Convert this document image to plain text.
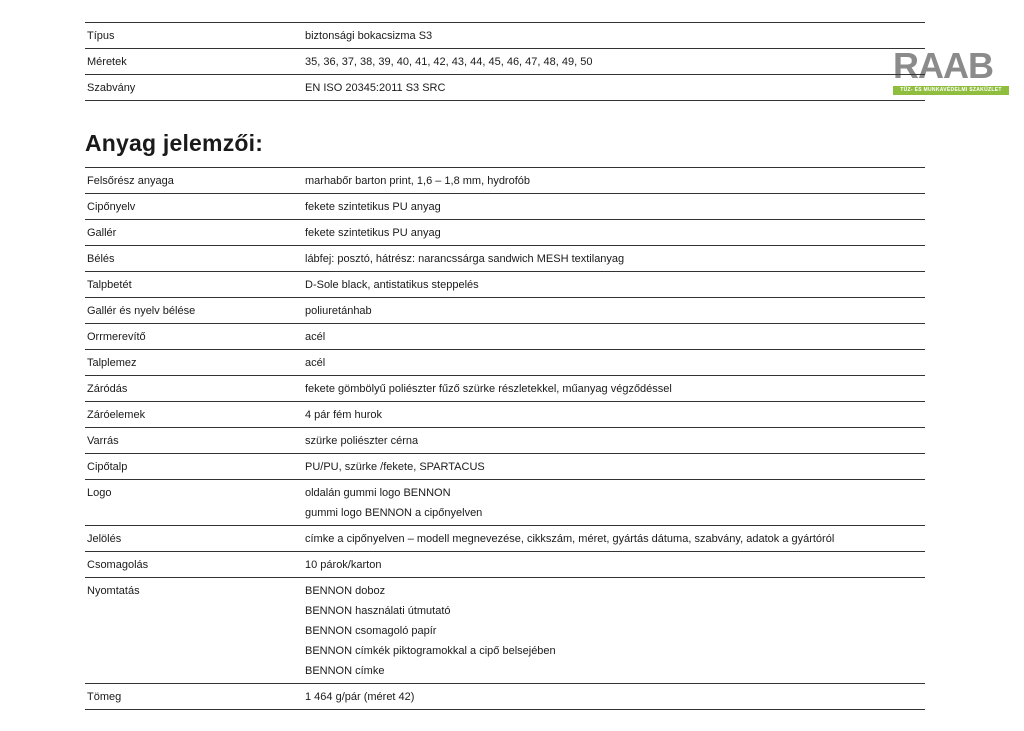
RAAB
TŰZ- ÉS MUNKAVÉDELMI SZAKÜZLET
Típus	biztonsági bokacsizma S3
Méretek	35, 36, 37, 38, 39, 40, 41, 42, 43, 44, 45, 46, 47, 48, 49, 50
Szabvány	EN ISO 20345:2011 S3 SRC
Anyag jelemzői:
Felsőrész anyaga	marhabőr barton print, 1,6 – 1,8 mm, hydrofób

Cipőnyelv	fekete szintetikus PU anyag

Gallér	fekete szintetikus PU anyag

Bélés	lábfej: posztó, hátrész: narancssárga sandwich MESH textilanyag

Talpbetét	D-Sole black, antistatikus steppelés

Gallér és nyelv bélése	poliuretánhab

Orrmerevítő	acél

Talplemez	acél

Záródás	fekete gömbölyű poliészter fűző szürke részletekkel, műanyag végződéssel

Záróelemek	4 pár fém hurok

Varrás	szürke poliészter cérna

Cipőtalp	PU/PU, szürke /fekete, SPARTACUS

Logo	oldalán gummi logo BENNON
gummi logo BENNON a cipőnyelven

Jelölés	címke a cipőnyelven – modell megnevezése, cikkszám, méret, gyártás dátuma, szabvány, adatok a gyártóról

Csomagolás	10 párok/karton

Nyomtatás	BENNON doboz
BENNON használati útmutató
BENNON csomagoló papír
BENNON címkék piktogramokkal a cipő belsejében
BENNON címke

Tömeg	1 464 g/pár (méret 42)
